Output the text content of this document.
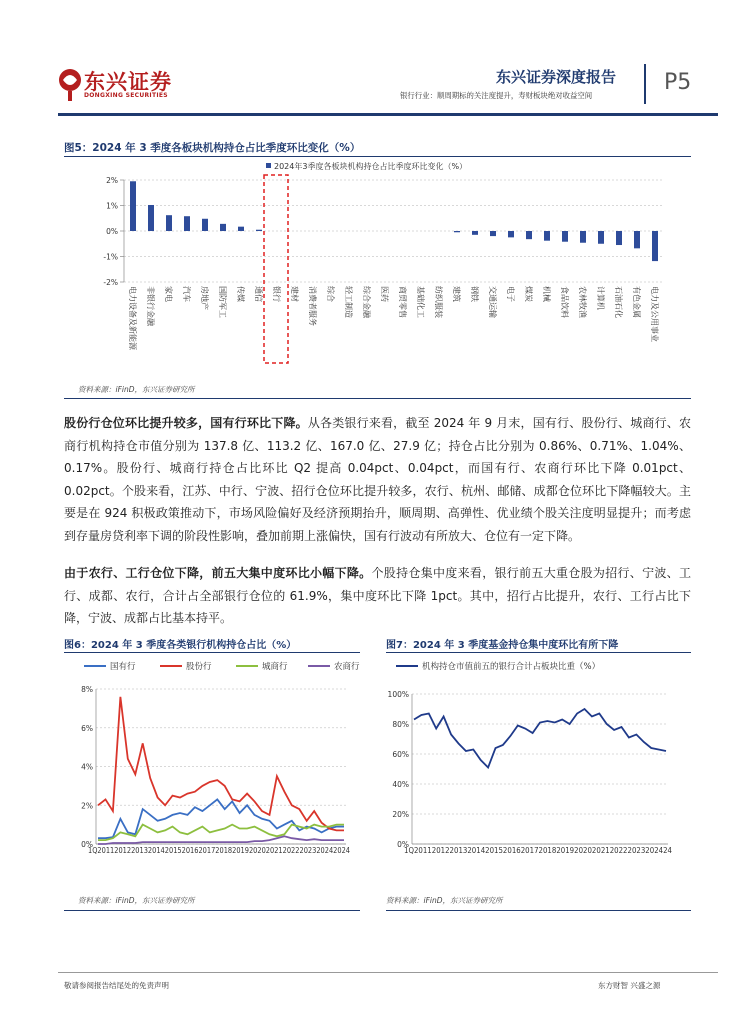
东兴证券
DONGXING SECURITIES
东兴证券深度报告
银行行业：顺周期标的关注度提升，寿财板块绝对收益空间
P5
图5：2024 年 3 季度各板块机构持仓占比季度环比变化（%）
2024年3季度各板块机构持仓占比季度环比变化（%）
2%
1%
0%
-1%
-2%
电力设备及新能源 非银行金融 家电 汽车 房地产 国防军工 传媒 通信 银行 建材 消费者服务 综合 轻工制造 综合金融 医药 商贸零售 基础化工 纺织服装 建筑 钢铁 交通运输 电子 煤炭 机械 食品饮料 农林牧渔 计算机 石油石化 有色金属 电力及公用事业
资料来源：iFinD，东兴证券研究所
股份行仓位环比提升较多，国有行环比下降。从各类银行来看，截至 2024 年 9 月末，国有行、股份行、城商行、农商行机构持仓市值分别为 137.8 亿、113.2 亿、167.0 亿、27.9 亿；持仓占比分别为 0.86%、0.71%、1.04%、0.17%。股份行、城商行持仓占比环比 Q2 提高 0.04pct、0.04pct，而国有行、农商行环比下降 0.01pct、0.02pct。个股来看，江苏、中行、宁波、招行仓位环比提升较多，农行、杭州、邮储、成都仓位环比下降幅较大。主要是在 924 积极政策推动下，市场风险偏好及经济预期抬升，顺周期、高弹性、优业绩个股关注度明显提升；而考虑到存量房贷利率下调的阶段性影响，叠加前期上涨偏快，国有行波动有所放大、仓位有一定下降。
由于农行、工行仓位下降，前五大集中度环比小幅下降。个股持仓集中度来看，银行前五大重仓股为招行、宁波、工行、成都、农行，合计占全部银行仓位的 61.9%，集中度环比下降 1pct。其中，招行占比提升，农行、工行占比下降，宁波、成都占比基本持平。
图6：2024 年 3 季度各类银行机构持仓占比（%）
国有行	股份行	城商行	农商行
8%
6%
4%
2%
0%
1Q201120122013201420152016201720182019202020212022202320242024
资料来源：iFinD，东兴证券研究所
图7：2024 年 3 季度基金持仓集中度环比有所下降
机构持仓市值前五的银行合计占板块比重（%）
100%
80%
60%
40%
20%
0%
1Q2011201220132014201520162017201820192020202120222023202424
资料来源：iFinD，东兴证券研究所
敬请参阅报告结尾处的免责声明	东方财智 兴盛之源
